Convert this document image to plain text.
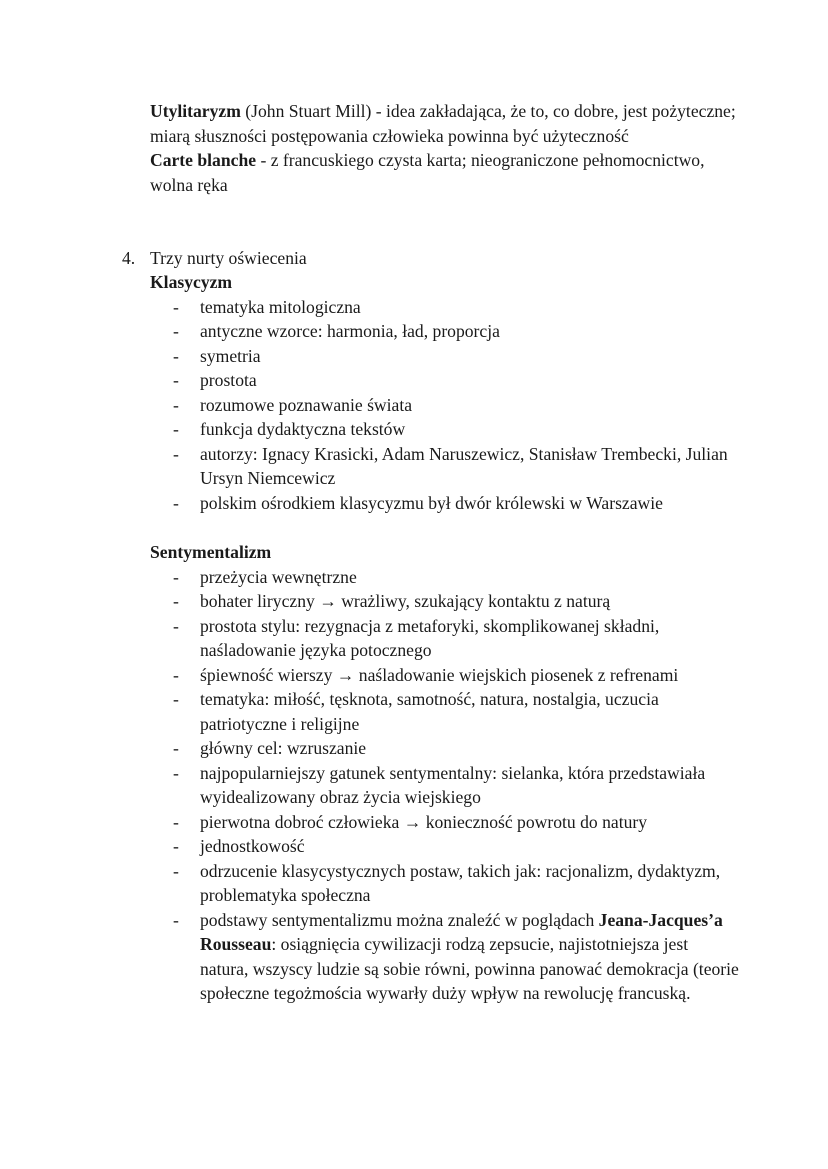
Utylitaryzm (John Stuart Mill) - idea zakładająca, że to, co dobre, jest pożyteczne; miarą słuszności postępowania człowieka powinna być użyteczność
Carte blanche - z francuskiego czysta karta; nieograniczone pełnomocnictwo, wolna ręka
4. Trzy nurty oświecenia
Klasycyzm
- tematyka mitologiczna
- antyczne wzorce: harmonia, ład, proporcja
- symetria
- prostota
- rozumowe poznawanie świata
- funkcja dydaktyczna tekstów
- autorzy: Ignacy Krasicki, Adam Naruszewicz, Stanisław Trembecki, Julian Ursyn Niemcewicz
- polskim ośrodkiem klasycyzmu był dwór królewski w Warszawie
Sentymentalizm
- przeżycia wewnętrzne
- bohater liryczny → wrażliwy, szukający kontaktu z naturą
- prostota stylu: rezygnacja z metaforyki, skomplikowanej składni, naśladowanie języka potocznego
- śpiewność wierszy → naśladowanie wiejskich piosenek z refrenami
- tematyka: miłość, tęsknota, samotność, natura, nostalgia, uczucia patriotyczne i religijne
- główny cel: wzruszanie
- najpopularniejszy gatunek sentymentalny: sielanka, która przedstawiała wyidealizowany obraz życia wiejskiego
- pierwotna dobroć człowieka → konieczność powrotu do natury
- jednostkowość
- odrzucenie klasycystycznych postaw, takich jak: racjonalizm, dydaktyzm, problematyka społeczna
- podstawy sentymentalizmu można znaleźć w poglądach Jeana-Jacques’a Rousseau: osiągnięcia cywilizacji rodzą zepsucie, najistotniejsza jest natura, wszyscy ludzie są sobie równi, powinna panować demokracja (teorie społeczne tegożmościa wywarły duży wpływ na rewolucję francuską.
